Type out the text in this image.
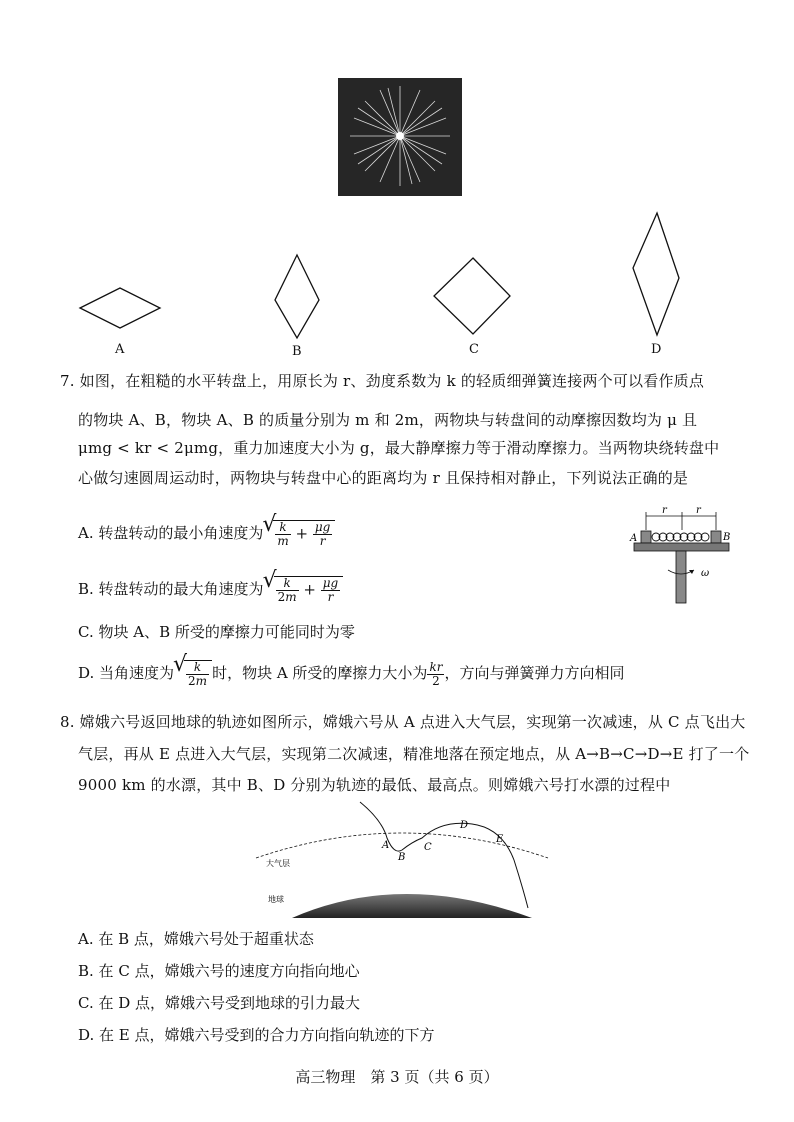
A	B	C	D
7. 如图，在粗糙的水平转盘上，用原长为 r、劲度系数为 k 的轻质细弹簧连接两个可以看作质点
的物块 A、B，物块 A、B 的质量分别为 m 和 2m，两物块与转盘间的动摩擦因数均为 μ 且
μmg < kr < 2μmg，重力加速度大小为 g，最大静摩擦力等于滑动摩擦力。当两物块绕转盘中
心做匀速圆周运动时，两物块与转盘中心的距离均为 r 且保持相对静止，下列说法正确的是
A. 转盘转动的最小角速度为 √ $\frac{k}{m} + \frac{\mu g}{r}$
B. 转盘转动的最大角速度为 √ $\frac{k}{2m} + \frac{\mu g}{r}$
C. 物块 A、B 所受的摩擦力可能同时为零
D. 当角速度为 √ $\frac{k}{2m}$ 时，物块 A 所受的摩擦力大小为 $\frac{kr}{2}$ ，方向与弹簧弹力方向相同
r	r
A	B
ω
8. 嫦娥六号返回地球的轨迹如图所示，嫦娥六号从 A 点进入大气层，实现第一次减速，从 C 点飞出大
气层，再从 E 点进入大气层，实现第二次减速，精准地落在预定地点，从 A→B→C→D→E 打了一个
9000 km 的水漂，其中 B、D 分别为轨迹的最低、最高点。则嫦娥六号打水漂的过程中
A
B
C
D
E
大气层
地球
A. 在 B 点，嫦娥六号处于超重状态
B. 在 C 点，嫦娥六号的速度方向指向地心
C. 在 D 点，嫦娥六号受到地球的引力最大
D. 在 E 点，嫦娥六号受到的合力方向指向轨迹的下方
高三物理　第 3 页（共 6 页）
